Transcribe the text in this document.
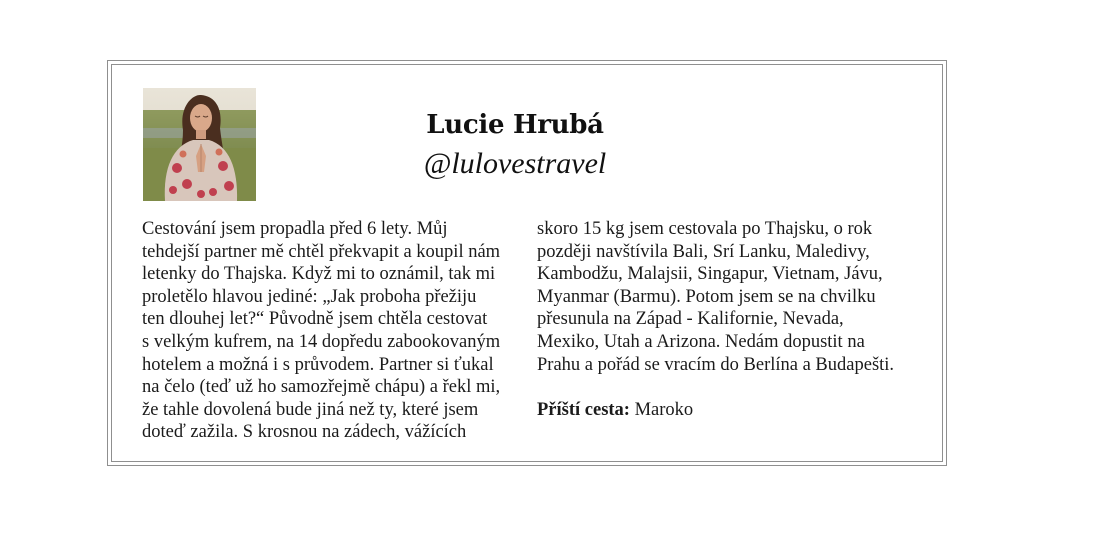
Lucie Hrubá
@lulovestravel
Cestování jsem propadla před 6 lety. Můj
tehdejší partner mě chtěl překvapit a koupil nám
letenky do Thajska. Když mi to oznámil, tak mi
proletělo hlavou jediné: „Jak proboha přežiju
ten dlouhej let?“ Původně jsem chtěla cestovat
s velkým kufrem, na 14 dopředu zabookovaným
hotelem a možná i s průvodem. Partner si ťukal
na čelo (teď už ho samozřejmě chápu) a řekl mi,
že tahle dovolená bude jiná než ty, které jsem
doteď zažila. S krosnou na zádech, vážících
skoro 15 kg jsem cestovala po Thajsku, o rok
později navštívila Bali, Srí Lanku, Maledivy,
Kambodžu, Malajsii, Singapur, Vietnam, Jávu,
Myanmar (Barmu). Potom jsem se na chvilku
přesunula na Západ - Kalifornie, Nevada,
Mexiko, Utah a Arizona. Nedám dopustit na
Prahu a pořád se vracím do Berlína a Budapešti.
Příští cesta: Maroko
